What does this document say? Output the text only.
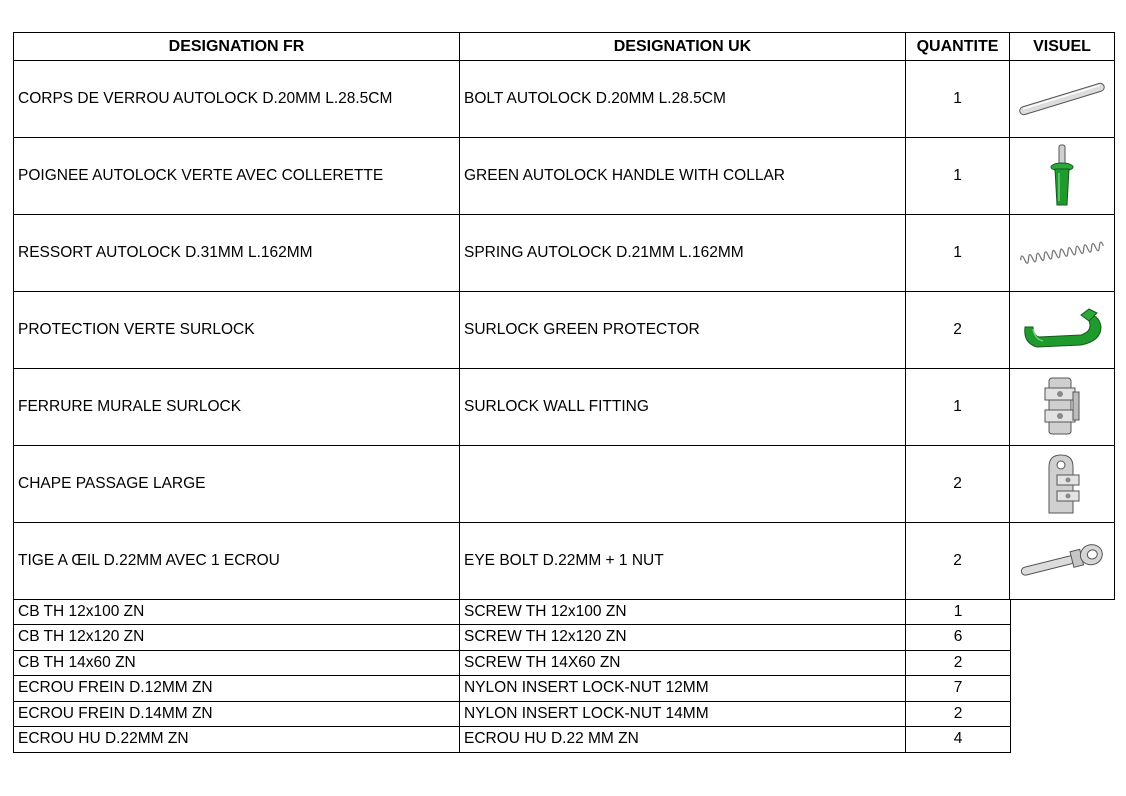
DESIGNATION FR	DESIGNATION UK	QUANTITE	VISUEL
CORPS DE VERROU AUTOLOCK D.20MM L.28.5CM	BOLT AUTOLOCK D.20MM L.28.5CM	1	

POIGNEE AUTOLOCK VERTE AVEC COLLERETTE	GREEN AUTOLOCK HANDLE WITH COLLAR	1	

RESSORT AUTOLOCK D.31MM L.162MM	SPRING AUTOLOCK D.21MM L.162MM	1	

PROTECTION VERTE SURLOCK	SURLOCK GREEN PROTECTOR	2	

FERRURE MURALE SURLOCK	SURLOCK WALL FITTING	1	

CHAPE PASSAGE LARGE		2	

TIGE A ŒIL D.22MM AVEC 1 ECROU	EYE BOLT D.22MM + 1 NUT	2	
CB TH 12x100 ZN	SCREW TH 12x100 ZN	1
CB TH 12x120 ZN	SCREW TH 12x120 ZN	6
CB TH 14x60 ZN	SCREW TH 14X60 ZN	2
ECROU FREIN D.12MM ZN	NYLON INSERT LOCK-NUT 12MM	7
ECROU FREIN D.14MM ZN	NYLON INSERT LOCK-NUT 14MM	2
ECROU HU D.22MM ZN	ECROU HU D.22 MM ZN	4
